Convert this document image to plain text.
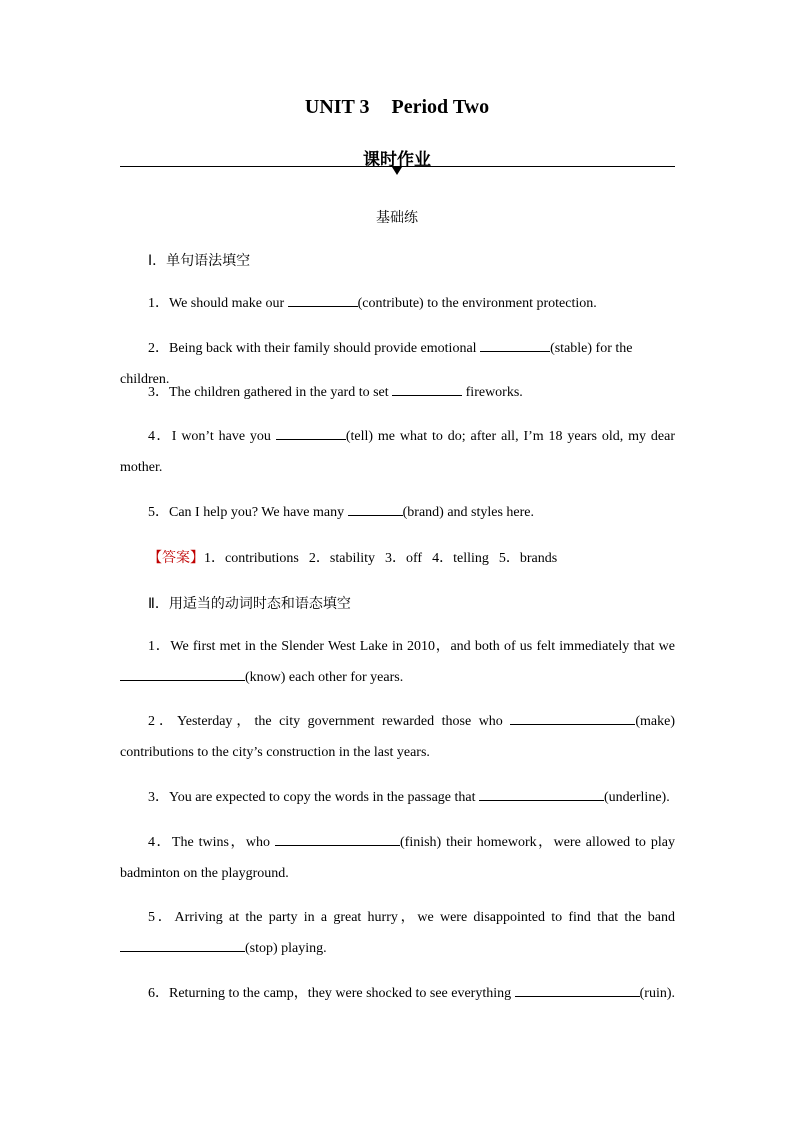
UNIT 3 Period Two
课时作业
基础练
Ⅰ．单句语法填空
1．We should make our	(contribute) to the environment protection.
2．Being back with their family should provide emotional	(stable) for the children.
3．The children gathered in the yard to set	fireworks.
4．I won’t have you	(tell) me what to do; after all, I’m 18 years old, my dear mother.
5．Can I help you? We have many	(brand) and styles here.
【答案】1．contributions 2．stability 3．off 4．telling 5．brands
Ⅱ．用适当的动词时态和语态填空
1．We first met in the Slender West Lake in 2010，and both of us felt immediately that we (know) each other for years.
2．Yesterday，the city government rewarded those who	(make) contributions to the city’s construction in the last years.
3．You are expected to copy the words in the passage that	(underline).
4．The twins，who	(finish) their homework，were allowed to play badminton on the playground.
5．Arriving at the party in a great hurry，we were disappointed to find that the band (stop) playing.
6．Returning to the camp，they were shocked to see everything	(ruin).
